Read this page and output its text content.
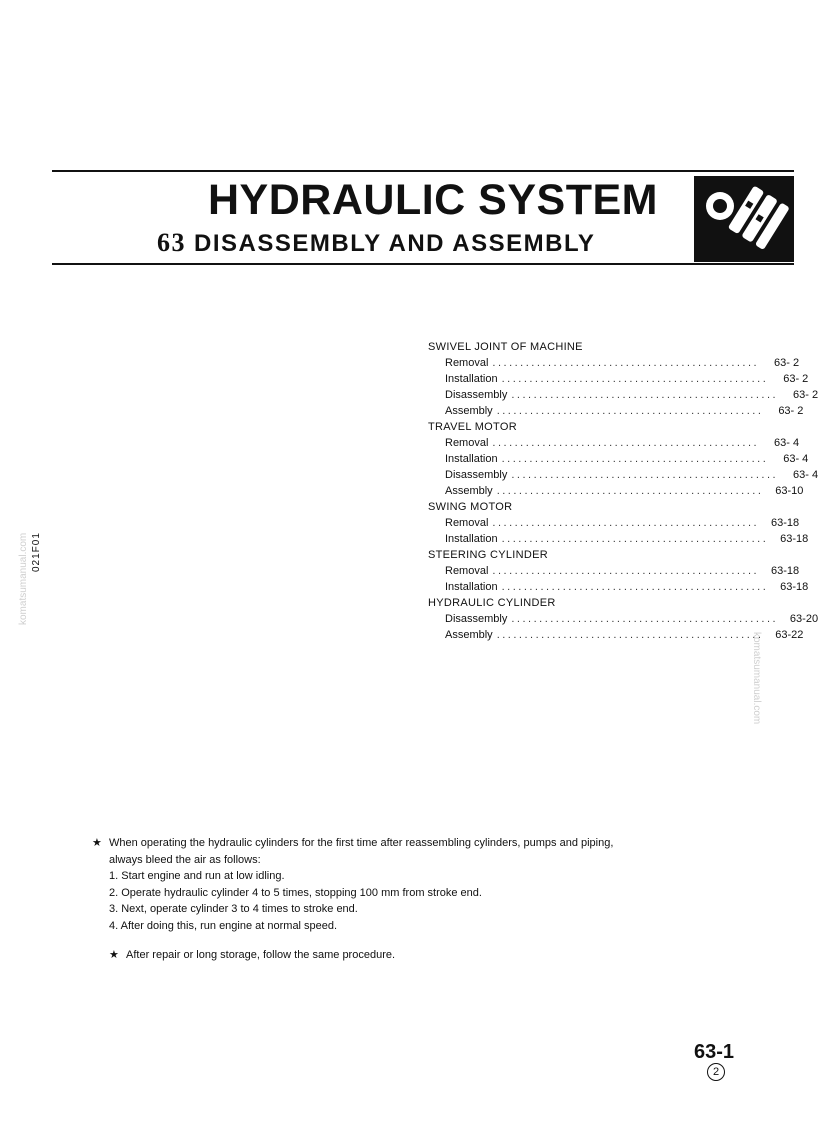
HYDRAULIC SYSTEM
63 DISASSEMBLY AND ASSEMBLY
021F01
komatsumanual.com
komatsumanual.com
SWIVEL JOINT OF MACHINE
Removal ................................................	63- 2
Installation ................................................	63- 2
Disassembly ................................................	63- 2
Assembly ................................................	63- 2
TRAVEL MOTOR
Removal ................................................	63- 4
Installation ................................................	63- 4
Disassembly ................................................	63- 4
Assembly ................................................	63-10
SWING MOTOR
Removal ................................................	63-18
Installation ................................................	63-18
STEERING CYLINDER
Removal ................................................	63-18
Installation ................................................	63-18
HYDRAULIC CYLINDER
Disassembly ................................................	63-20
Assembly ................................................	63-22
★ When operating the hydraulic cylinders for the first time after reassembling cylinders, pumps and piping,
always bleed the air as follows:
1. Start engine and run at low idling.
2. Operate hydraulic cylinder 4 to 5 times, stopping 100 mm from stroke end.
3. Next, operate cylinder 3 to 4 times to stroke end.
4. After doing this, run engine at normal speed.
★ After repair or long storage, follow the same procedure.
63-1
2
